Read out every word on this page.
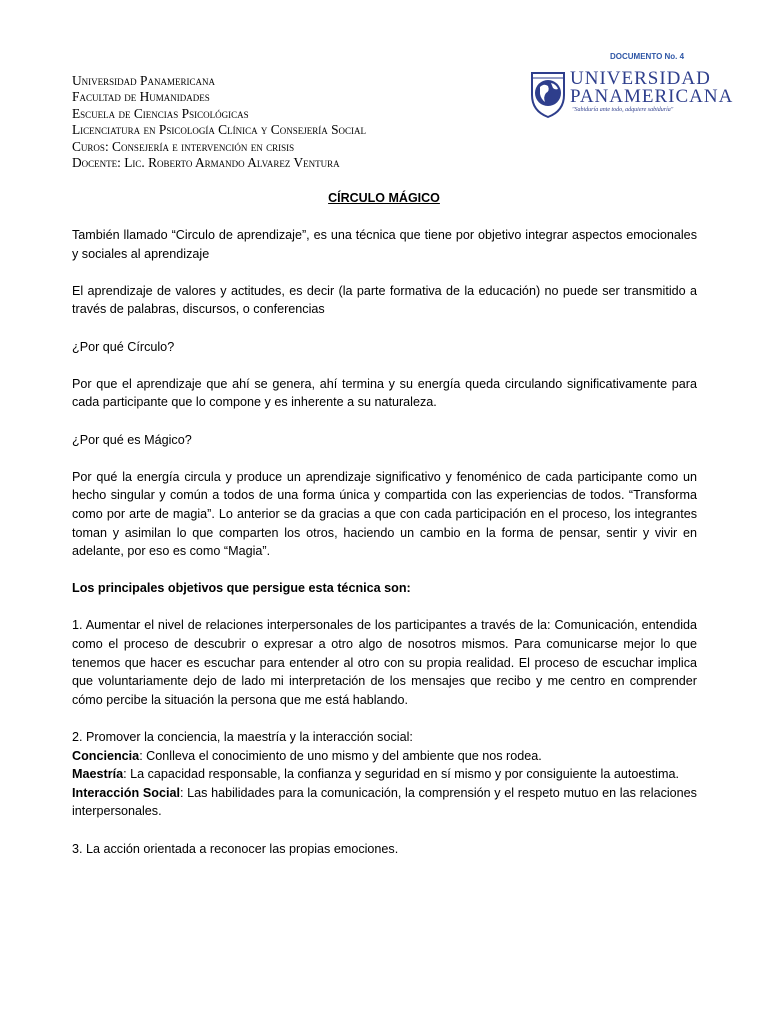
DOCUMENTO No. 4
Universidad Panamericana
Facultad de Humanidades
Escuela de Ciencias Psicológicas
Licenciatura en Psicología Clínica y Consejería Social
Curos: Consejería e intervención en crisis
Docente: Lic. Roberto Armando Alvarez Ventura
UNIVERSIDAD
PANAMERICANA
"Sabiduría ante todo, adquiere sabiduría"
CÍRCULO MÁGICO

También llamado “Circulo de aprendizaje”, es una técnica que tiene por objetivo integrar aspectos emocionales y sociales al aprendizaje

El aprendizaje de valores y actitudes, es decir (la parte formativa de la educación) no puede ser transmitido a través de palabras, discursos, o conferencias

¿Por qué Círculo?

Por que el aprendizaje que ahí se genera, ahí termina y su energía queda circulando significativamente para cada participante que lo compone y es inherente a su naturaleza.

¿Por qué es Mágico?

Por qué la energía circula y produce un aprendizaje significativo y fenoménico de cada participante como un hecho singular y común a todos de una forma única y compartida con las experiencias de todos. “Transforma como por arte de magia”. Lo anterior se da gracias a que con cada participación en el proceso, los integrantes toman y asimilan lo que comparten los otros, haciendo un cambio en la forma de pensar, sentir y vivir en adelante, por eso es como “Magia”.

Los principales objetivos que persigue esta técnica son:

1. Aumentar el nivel de relaciones interpersonales de los participantes a través de la: Comunicación, entendida como el proceso de descubrir o expresar a otro algo de nosotros mismos. Para comunicarse mejor lo que tenemos que hacer es escuchar para entender al otro con su propia realidad. El proceso de escuchar implica que voluntariamente dejo de lado mi interpretación de los mensajes que recibo y me centro en comprender cómo percibe la situación la persona que me está hablando.

2. Promover la conciencia, la maestría y la interacción social:

Conciencia: Conlleva el conocimiento de uno mismo y del ambiente que nos rodea.

Maestría: La capacidad responsable, la confianza y seguridad en sí mismo y por consiguiente la autoestima.

Interacción Social: Las habilidades para la comunicación, la comprensión y el respeto mutuo en las relaciones interpersonales.

3. La acción orientada a reconocer las propias emociones.
